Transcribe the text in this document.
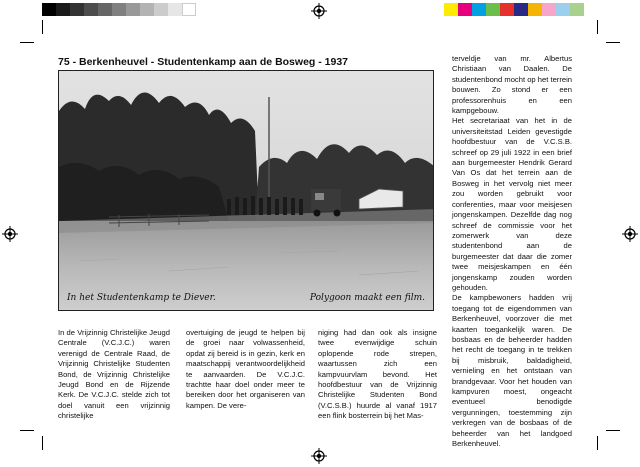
75 - Berkenheuvel - Studentenkamp aan de Bosweg - 1937
In het Studentenkamp te Diever.	Polygoon maakt een film.

In de Vrijzinnig Christelijke Jeugd Centrale (V.C.J.C.) waren verenigd de Centrale Raad, de Vrijzinnig Christelijke Studenten Bond, de Vrijzinnig Christelijke Jeugd Bond en de Rijzende Kerk. De V.C.J.C. stelde zich tot doel vanuit een vrijzinnig christelijke

overtuiging de jeugd te helpen bij de groei naar volwassenheid, opdat zij bereid is in gezin, kerk en maatschappij verantwoordelijkheid te aanvaarden. De V.C.J.C. trachtte haar doel onder meer te bereiken door het organiseren van kampen. De vere-

niging had dan ook als insigne twee evenwijdige schuin oplopende rode strepen, waartussen zich een kampvuurvlam bevond. Het hoofdbestuur van de Vrijzinnig Christelijke Studenten Bond (V.C.S.B.) huurde al vanaf 1917 een flink bosterrein bij het Mas-

terveldje van mr. Albertus Christiaan van Daalen. De studentenbond mocht op het terrein bouwen. Zo stond er een professorenhuis en een kampgebouw.

Het secretariaat van het in de universiteitstad Leiden gevestigde hoofdbestuur van de V.C.S.B. schreef op 29 juli 1922 in een brief aan burgemeester Hendrik Gerard Van Os dat het terrein aan de Bosweg in het vervolg niet meer zou worden gebruikt voor conferenties, maar voor meisjesen jongenskampen. Dezelfde dag nog schreef de commissie voor het zomerwerk van deze studentenbond aan de burgemeester dat daar die zomer twee meisjeskampen en één jongenskamp zouden worden gehouden.

De kampbewoners hadden vrij toegang tot de eigendommen van Berkenheuvel, voorzover die met kaarten toegankelijk waren. De bosbaas en de beheerder hadden het recht de toegang in te trekken bij misbruik, baldadigheid, vernieling en het ontstaan van brandgevaar. Voor het houden van kampvuren moest, ongeacht eventueel benodigde vergunningen, toestemming zijn verkregen van de bosbaas of de beheerder van het landgoed Berkenheuvel.
